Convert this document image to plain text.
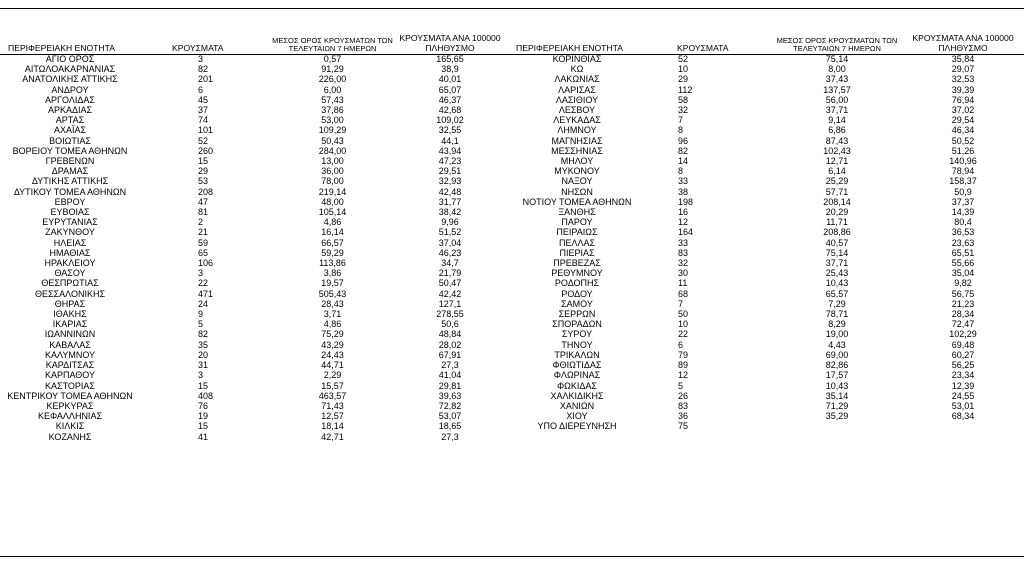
ΠΕΡΙΦΕΡΕΙΑΚΗ ΕΝΟΤΗΤΑ	ΚΡΟΥΣΜΑΤΑ	ΜΕΣΟΣ ΟΡΟΣ ΚΡΟΥΣΜΑΤΩΝ ΤΩΝ ΤΕΛΕΥΤΑΙΩΝ 7 ΗΜΕΡΩΝ	ΚΡΟΥΣΜΑΤΑ ΑΝΑ 100000 ΠΛΗΘΥΣΜΟ
ΑΓΙΟ ΟΡΟΣ	3	0,57	165,65
ΑΙΤΩΛΟΑΚΑΡΝΑΝΙΑΣ	82	91,29	38,9
ΑΝΑΤΟΛΙΚΗΣ ΑΤΤΙΚΗΣ	201	226,00	40,01
ΑΝΔΡΟΥ	6	6,00	65,07
ΑΡΓΟΛΙΔΑΣ	45	57,43	46,37
ΑΡΚΑΔΙΑΣ	37	37,86	42,68
ΑΡΤΑΣ	74	53,00	109,02
ΑΧΑΪΑΣ	101	109,29	32,55
ΒΟΙΩΤΙΑΣ	52	50,43	44,1
ΒΟΡΕΙΟΥ ΤΟΜΕΑ ΑΘΗΝΩΝ	260	284,00	43,94
ΓΡΕΒΕΝΩΝ	15	13,00	47,23
ΔΡΑΜΑΣ	29	36,00	29,51
ΔΥΤΙΚΗΣ ΑΤΤΙΚΗΣ	53	78,00	32,93
ΔΥΤΙΚΟΥ ΤΟΜΕΑ ΑΘΗΝΩΝ	208	219,14	42,48
ΕΒΡΟΥ	47	48,00	31,77
ΕΥΒΟΙΑΣ	81	105,14	38,42
ΕΥΡΥΤΑΝΙΑΣ	2	4,86	9,96
ΖΑΚΥΝΘΟΥ	21	16,14	51,52
ΗΛΕΙΑΣ	59	66,57	37,04
ΗΜΑΘΙΑΣ	65	59,29	46,23
ΗΡΑΚΛΕΙΟΥ	106	113,86	34,7
ΘΑΣΟΥ	3	3,86	21,79
ΘΕΣΠΡΩΤΙΑΣ	22	19,57	50,47
ΘΕΣΣΑΛΟΝΙΚΗΣ	471	505,43	42,42
ΘΗΡΑΣ	24	28,43	127,1
ΙΘΑΚΗΣ	9	3,71	278,55
ΙΚΑΡΙΑΣ	5	4,86	50,6
ΙΩΑΝΝΙΝΩΝ	82	75,29	48,84
ΚΑΒΑΛΑΣ	35	43,29	28,02
ΚΑΛΥΜΝΟΥ	20	24,43	67,91
ΚΑΡΔΙΤΣΑΣ	31	44,71	27,3
ΚΑΡΠΑΘΟΥ	3	2,29	41,04
ΚΑΣΤΟΡΙΑΣ	15	15,57	29,81
ΚΕΝΤΡΙΚΟΥ ΤΟΜΕΑ ΑΘΗΝΩΝ	408	463,57	39,63
ΚΕΡΚΥΡΑΣ	76	71,43	72,82
ΚΕΦΑΛΛΗΝΙΑΣ	19	12,57	53,07
ΚΙΛΚΙΣ	15	18,14	18,65
ΚΟΖΑΝΗΣ	41	42,71	27,3
ΠΕΡΙΦΕΡΕΙΑΚΗ ΕΝΟΤΗΤΑ	ΚΡΟΥΣΜΑΤΑ	ΜΕΣΟΣ ΟΡΟΣ ΚΡΟΥΣΜΑΤΩΝ ΤΩΝ ΤΕΛΕΥΤΑΙΩΝ 7 ΗΜΕΡΩΝ	ΚΡΟΥΣΜΑΤΑ ΑΝΑ 100000 ΠΛΗΘΥΣΜΟ
ΚΟΡΙΝΘΙΑΣ	52	75,14	35,84
ΚΩ	10	8,00	29,07
ΛΑΚΩΝΙΑΣ	29	37,43	32,53
ΛΑΡΙΣΑΣ	112	137,57	39,39
ΛΑΣΙΘΙΟΥ	58	56,00	76,94
ΛΕΣΒΟΥ	32	37,71	37,02
ΛΕΥΚΑΔΑΣ	7	9,14	29,54
ΛΗΜΝΟΥ	8	6,86	46,34
ΜΑΓΝΗΣΙΑΣ	96	87,43	50,52
ΜΕΣΣΗΝΙΑΣ	82	102,43	51,26
ΜΗΛΟΥ	14	12,71	140,96
ΜΥΚΟΝΟΥ	8	6,14	78,94
ΝΑΞΟΥ	33	25,29	158,37
ΝΗΣΩΝ	38	57,71	50,9
ΝΟΤΙΟΥ ΤΟΜΕΑ ΑΘΗΝΩΝ	198	208,14	37,37
ΞΑΝΘΗΣ	16	20,29	14,39
ΠΑΡΟΥ	12	11,71	80,4
ΠΕΙΡΑΙΩΣ	164	208,86	36,53
ΠΕΛΛΑΣ	33	40,57	23,63
ΠΙΕΡΙΑΣ	83	75,14	65,51
ΠΡΕΒΕΖΑΣ	32	37,71	55,66
ΡΕΘΥΜΝΟΥ	30	25,43	35,04
ΡΟΔΟΠΗΣ	11	10,43	9,82
ΡΟΔΟΥ	68	65,57	56,75
ΣΑΜΟΥ	7	7,29	21,23
ΣΕΡΡΩΝ	50	78,71	28,34
ΣΠΟΡΑΔΩΝ	10	8,29	72,47
ΣΥΡΟΥ	22	19,00	102,29
ΤΗΝΟΥ	6	4,43	69,48
ΤΡΙΚΑΛΩΝ	79	69,00	60,27
ΦΘΙΩΤΙΔΑΣ	89	82,86	56,25
ΦΛΩΡΙΝΑΣ	12	17,57	23,34
ΦΩΚΙΔΑΣ	5	10,43	12,39
ΧΑΛΚΙΔΙΚΗΣ	26	35,14	24,55
ΧΑΝΙΩΝ	83	71,29	53,01
ΧΙΟΥ	36	35,29	68,34
ΥΠΟ ΔΙΕΡΕΥΝΗΣΗ	75		
